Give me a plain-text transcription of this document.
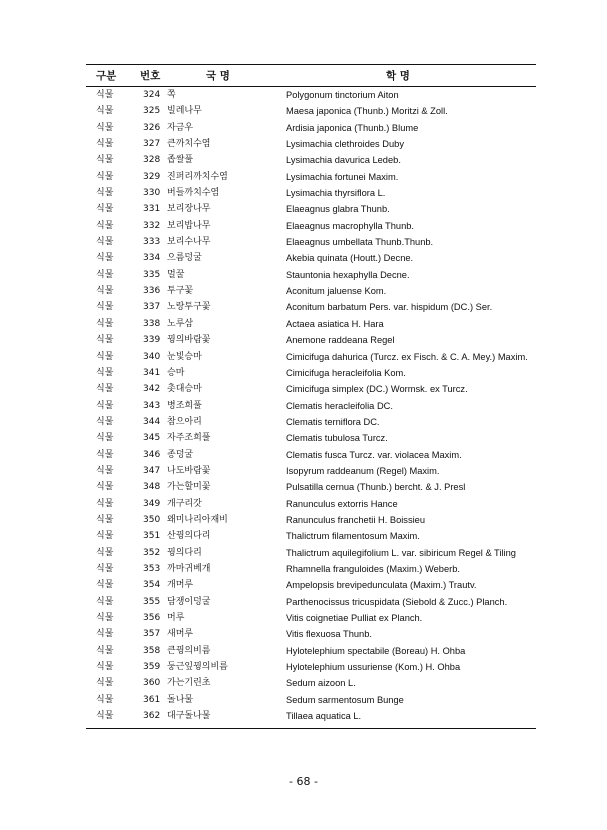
구분 번호	국 명	학 명
식물	324 쪽	Polygonum tinctorium Aiton
식물	325 빌레나무	Maesa japonica (Thunb.) Moritzi & Zoll.
식물	326 자금우	Ardisia japonica (Thunb.) Blume
식물	327 큰까치수염	Lysimachia clethroides Duby
식물	328 좁쌀풀	Lysimachia davurica Ledeb.
식물	329 진퍼리까치수염	Lysimachia fortunei Maxim.
식물	330 버들까치수염	Lysimachia thyrsiflora L.
식물	331 보리장나무	Elaeagnus glabra Thunb.
식물	332 보리밥나무	Elaeagnus macrophylla Thunb.
식물	333 보리수나무	Elaeagnus umbellata Thunb.Thunb.
식물	334 으름덩굴	Akebia quinata (Houtt.) Decne.
식물	335 멀꿀	Stauntonia hexaphylla Decne.
식물	336 투구꽃	Aconitum jaluense Kom.
식물	337 노랑투구꽃	Aconitum barbatum Pers. var. hispidum (DC.) Ser.
식물	338 노루삼	Actaea asiatica H. Hara
식물	339 꿩의바람꽃	Anemone raddeana Regel
식물	340 눈빛승마	Cimicifuga dahurica (Turcz. ex Fisch. & C. A. Mey.) Maxim.
식물	341 승마	Cimicifuga heracleifolia Kom.
식물	342 촛대승마	Cimicifuga simplex (DC.) Wormsk. ex Turcz.
식물	343 병조희풀	Clematis heracleifolia DC.
식물	344 참으아리	Clematis terniflora DC.
식물	345 자주조희풀	Clematis tubulosa Turcz.
식물	346 종덩굴	Clematis fusca Turcz. var. violacea Maxim.
식물	347 나도바람꽃	Isopyrum raddeanum (Regel) Maxim.
식물	348 가는할미꽃	Pulsatilla cernua (Thunb.) bercht. & J. Presl
식물	349 개구리갓	Ranunculus extorris Hance
식물	350 왜미나리아재비	Ranunculus franchetii H. Boissieu
식물	351 산꿩의다리	Thalictrum filamentosum Maxim.
식물	352 꿩의다리	Thalictrum aquilegifolium L. var. sibiricum Regel & Tiling
식물	353 까마귀베개	Rhamnella franguloides (Maxim.) Weberb.
식물	354 개머루	Ampelopsis brevipedunculata (Maxim.) Trautv.
식물	355 담쟁이덩굴	Parthenocissus tricuspidata (Siebold & Zucc.) Planch.
식물	356 머루	Vitis coignetiae Pulliat ex Planch.
식물	357 새머루	Vitis flexuosa Thunb.
식물	358 큰꿩의비름	Hylotelephium spectabile (Boreau) H. Ohba
식물	359 둥근잎꿩의비름	Hylotelephium ussuriense (Kom.) H. Ohba
식물	360 가는기린초	Sedum aizoon L.
식물	361 돌나물	Sedum sarmentosum Bunge
식물	362 대구돌나물	Tillaea aquatica L.
- 68 -
